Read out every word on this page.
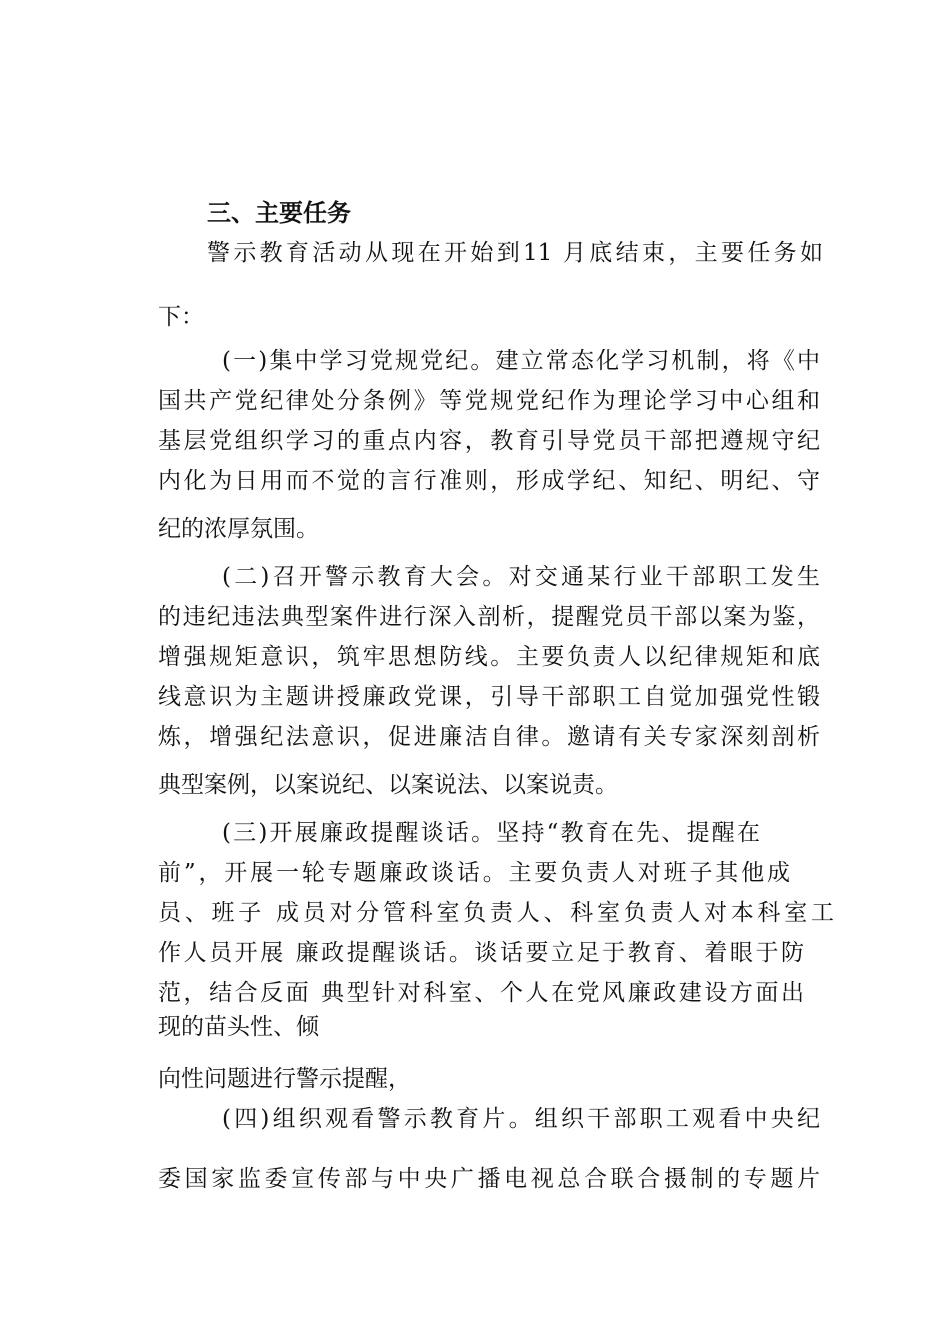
三、主要任务
警示教育活动从现在开始到11 月底结束，主要任务如
下：
(一)集中学习党规党纪。建立常态化学习机制，将《中
国共产党纪律处分条例》等党规党纪作为理论学习中心组和
基层党组织学习的重点内容，教育引导党员干部把遵规守纪
内化为日用而不觉的言行准则，形成学纪、知纪、明纪、守
纪的浓厚氛围。
(二)召开警示教育大会。对交通某行业干部职工发生
的违纪违法典型案件进行深入剖析，提醒党员干部以案为鉴，
增强规矩意识，筑牢思想防线。主要负责人以纪律规矩和底
线意识为主题讲授廉政党课，引导干部职工自觉加强党性锻
炼，增强纪法意识，促进廉洁自律。邀请有关专家深刻剖析
典型案例，以案说纪、以案说法、以案说责。
(三)开展廉政提醒谈话。坚持“教育在先、提醒在
前”，开展一轮专题廉政谈话。主要负责人对班子其他成
员、班子 成员对分管科室负责人、科室负责人对本科室工
作人员开展 廉政提醒谈话。谈话要立足于教育、着眼于防
范，结合反面 典型针对科室、个人在党风廉政建设方面出
现的苗头性、倾
向性问题进行警示提醒，
(四)组织观看警示教育片。组织干部职工观看中央纪
委国家监委宣传部与中央广播电视总合联合摄制的专题片
